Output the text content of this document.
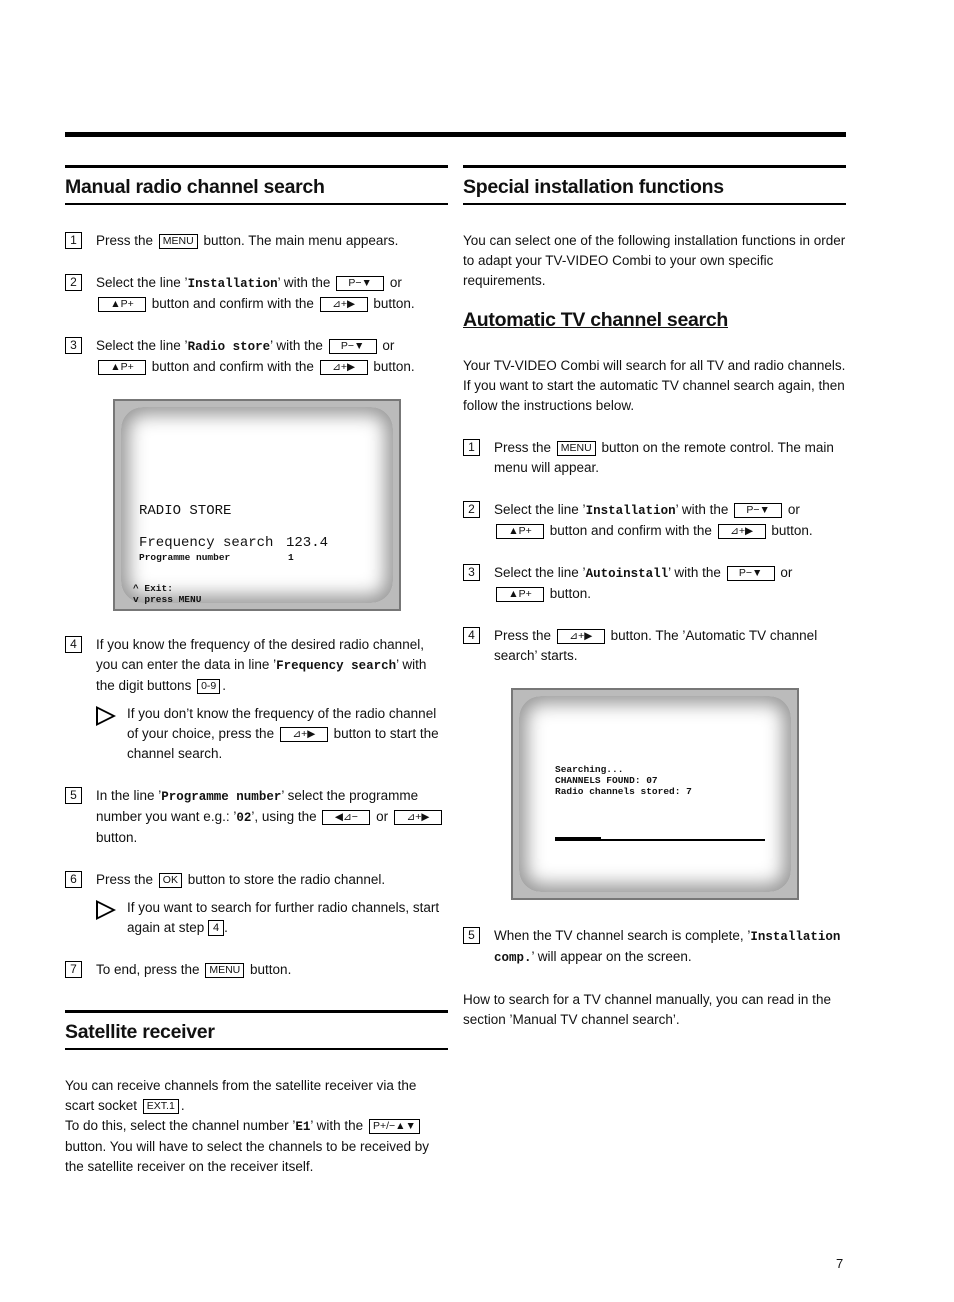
Manual radio channel search
1	Press the MENU button. The main menu appears.
2	Select the line ’Installation’ with the P−▼ or ▲P+ button and confirm with the ⊿+▶ button.
3	Select the line ’Radio store’ with the P−▼ or ▲P+ button and confirm with the ⊿+▶ button.
RADIO STORE
Frequency search 123.4
Programme number	1
^ Exit:
v press MENU
4	If you know the frequency of the desired radio channel, you can enter the data in line ’Frequency search’ with the digit buttons 0-9 .
i If you don’t know the frequency of the radio channel of your choice, press the ⊿+▶ button to start the channel search.
5	In the line ’Programme number’ select the programme number you want e.g.: ’02’, using the ◀⊿− or ⊿+▶ button.
6	Press the OK button to store the radio channel.
i If you want to search for further radio channels, start again at step 4 .
7	To end, press the MENU button.
Satellite receiver

You can receive channels from the satellite receiver via the scart socket EXT.1 .
To do this, select the channel number ’E1’ with the P+/−▲▼ button. You will have to select the channels to be received by the satellite receiver on the receiver itself.

Special installation functions

You can select one of the following installation functions in order to adapt your TV-VIDEO Combi to your own specific requirements.

Automatic TV channel search

Your TV-VIDEO Combi will search for all TV and radio channels.

If you want to start the automatic TV channel search again, then follow the instructions below.

1	Press the MENU button on the remote control. The main menu will appear.
2	Select the line ’Installation’ with the P−▼ or ▲P+ button and confirm with the ⊿+▶ button.
3	Select the line ’Autoinstall’ with the P−▼ or ▲P+ button.
4	Press the ⊿+▶ button. The ’Automatic TV channel search’ starts.
Searching...
CHANNELS FOUND: 07
Radio channels stored: 7
5	When the TV channel search is complete, ’Installation comp.’ will appear on the screen.

How to search for a TV channel manually, you can read in the section ’Manual TV channel search’.

7
